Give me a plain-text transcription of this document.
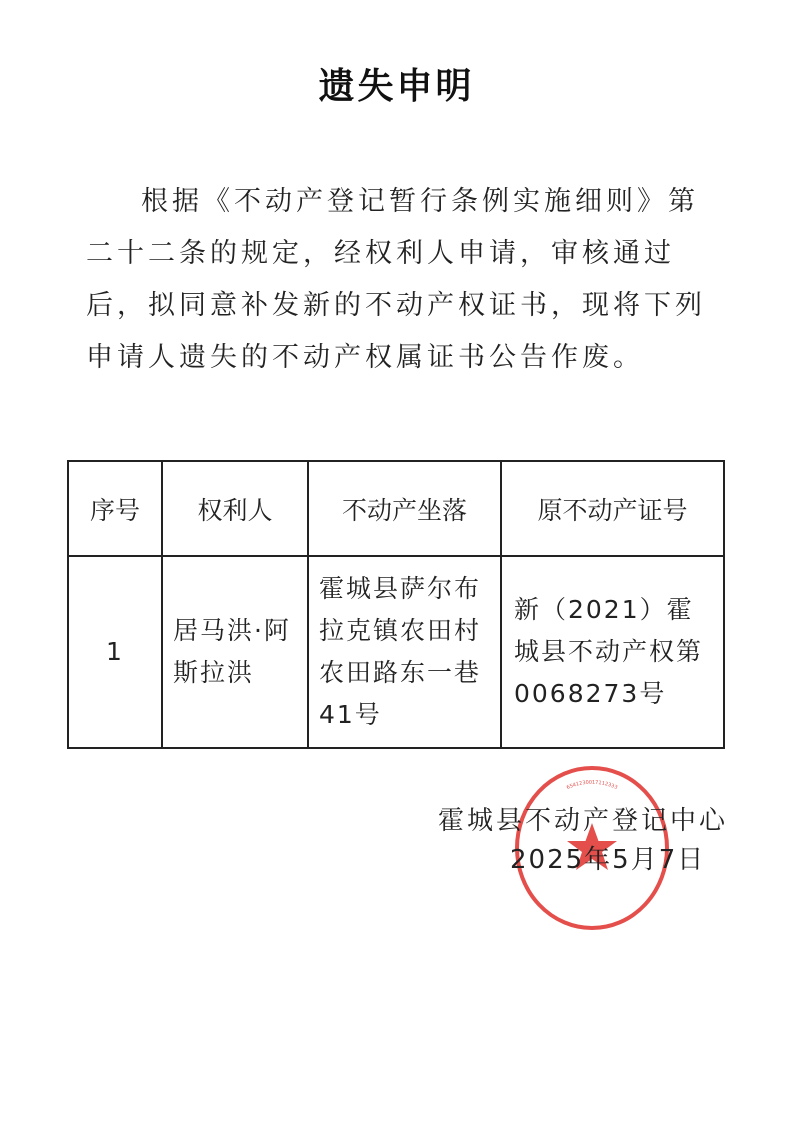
遗失申明

根据《不动产登记暂行条例实施细则》第二十二条的规定，经权利人申请，审核通过后，拟同意补发新的不动产权证书，现将下列申请人遗失的不动产权属证书公告作废。

序号	权利人	不动产坐落	原不动产证号
1	居马洪·阿斯拉洪	霍城县萨尔布拉克镇农田村农田路东一巷41号	新（2021）霍城县不动产权第0068273号
6541230017112333
霍城县不动产登记中心
2025年5月7日
